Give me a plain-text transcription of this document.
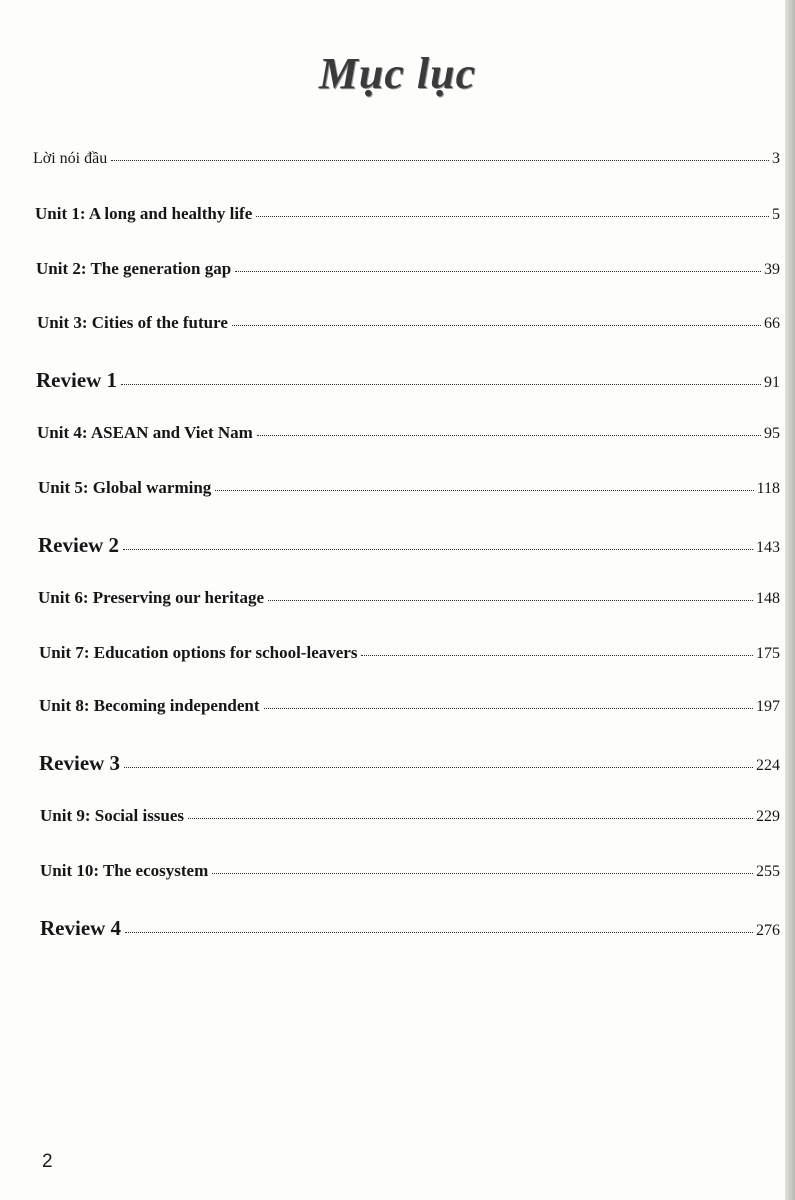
Mục lục
Lời nói đầu	3
Unit 1: A long and healthy life	5
Unit 2: The generation gap	39
Unit 3: Cities of the future	66
Review 1	91
Unit 4: ASEAN and Viet Nam	95
Unit 5: Global warming	118
Review 2	143
Unit 6: Preserving our heritage	148
Unit 7: Education options for school-leavers	175
Unit 8: Becoming independent	197
Review 3	224
Unit 9: Social issues	229
Unit 10: The ecosystem	255
Review 4	276
2
